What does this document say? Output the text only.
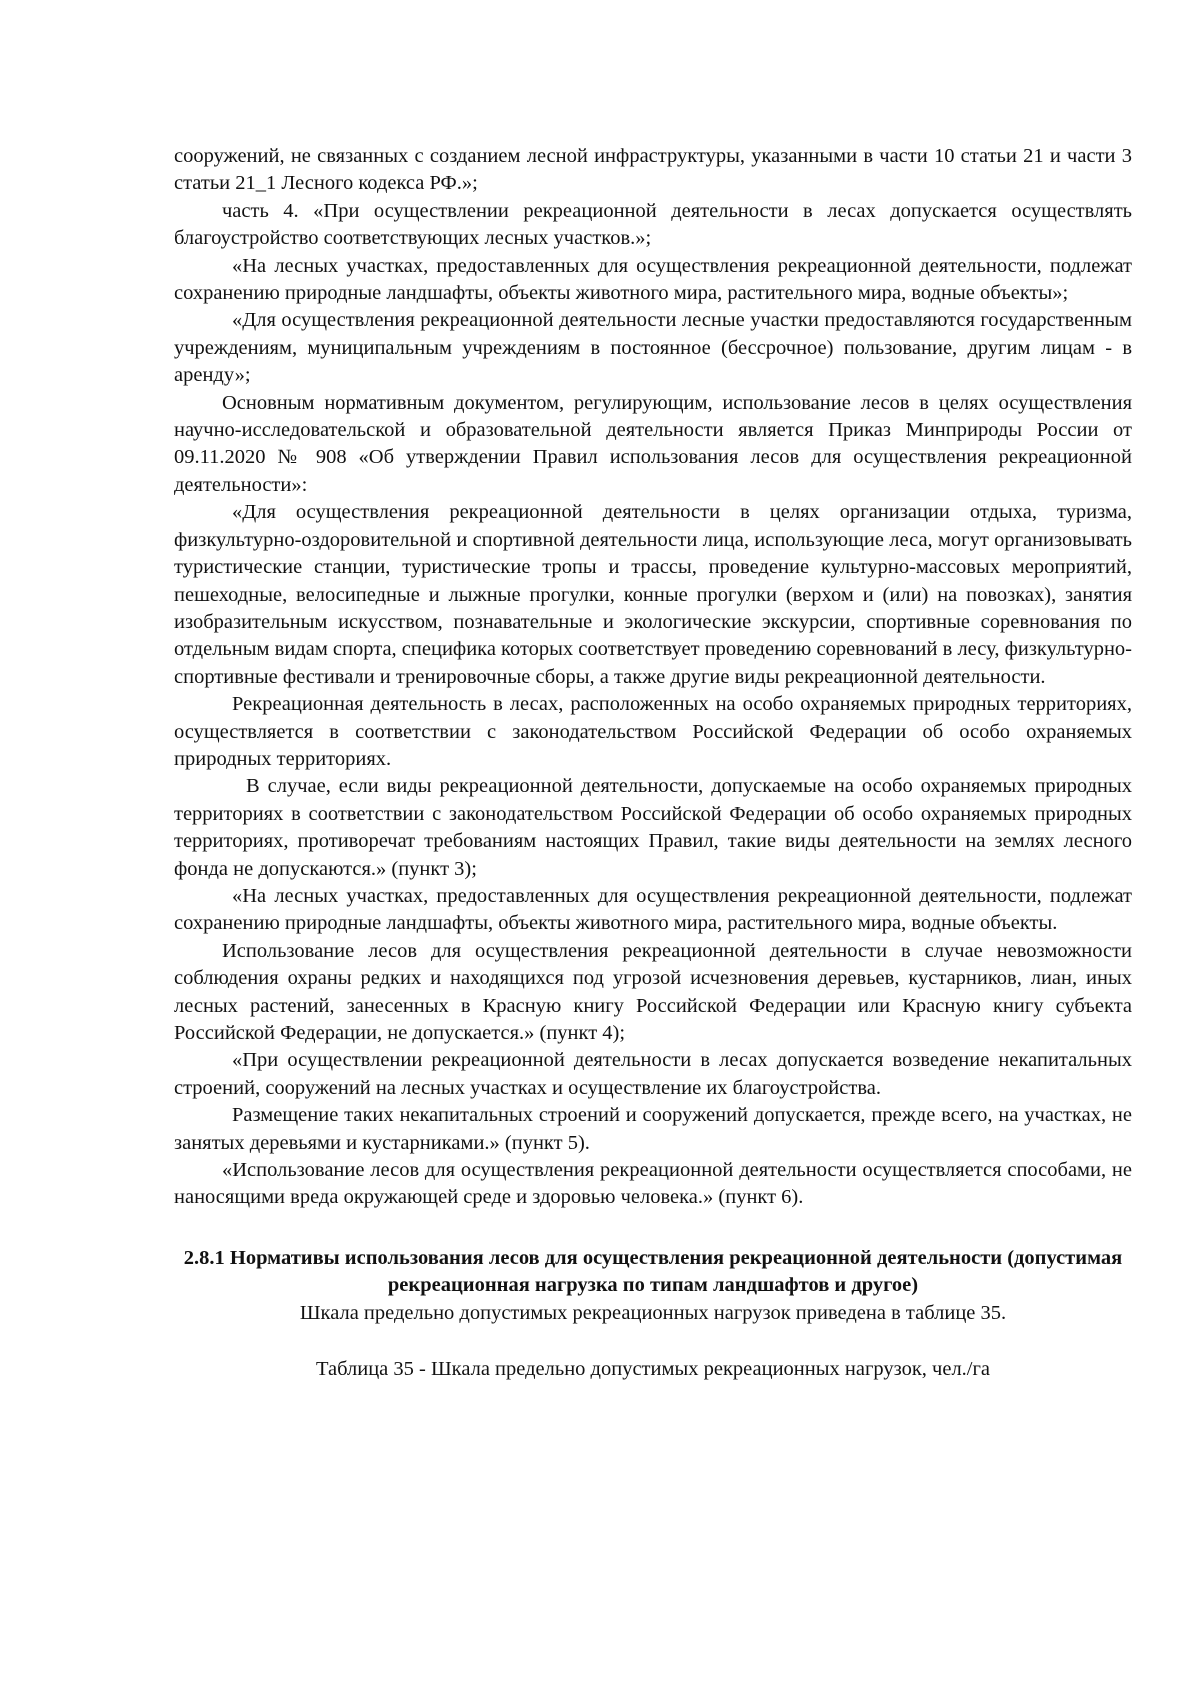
сооружений, не связанных с созданием лесной инфраструктуры, указанными в части 10 статьи 21 и части 3 статьи 21_1 Лесного кодекса РФ.»;

часть 4. «При осуществлении рекреационной деятельности в лесах допускается осуществлять благоустройство соответствующих лесных участков.»;

«На лесных участках, предоставленных для осуществления рекреационной деятельности, подлежат сохранению природные ландшафты, объекты животного мира, растительного мира, водные объекты»;

«Для осуществления рекреационной деятельности лесные участки предоставляются государственным учреждениям, муниципальным учреждениям в постоянное (бессрочное) пользование, другим лицам - в аренду»;

Основным нормативным документом, регулирующим, использование лесов в целях осуществления научно-исследовательской и образовательной деятельности является Приказ Минприроды России от 09.11.2020 № 908 «Об утверждении Правил использования лесов для осуществления рекреационной деятельности»:

«Для осуществления рекреационной деятельности в целях организации отдыха, туризма, физкультурно-оздоровительной и спортивной деятельности лица, использующие леса, могут организовывать туристические станции, туристические тропы и трассы, проведение культурно-массовых мероприятий, пешеходные, велосипедные и лыжные прогулки, конные прогулки (верхом и (или) на повозках), занятия изобразительным искусством, познавательные и экологические экскурсии, спортивные соревнования по отдельным видам спорта, специфика которых соответствует проведению соревнований в лесу, физкультурно-спортивные фестивали и тренировочные сборы, а также другие виды рекреационной деятельности.

Рекреационная деятельность в лесах, расположенных на особо охраняемых природных территориях, осуществляется в соответствии с законодательством Российской Федерации об особо охраняемых природных территориях.

В случае, если виды рекреационной деятельности, допускаемые на особо охраняемых природных территориях в соответствии с законодательством Российской Федерации об особо охраняемых природных территориях, противоречат требованиям настоящих Правил, такие виды деятельности на землях лесного фонда не допускаются.» (пункт 3);

«На лесных участках, предоставленных для осуществления рекреационной деятельности, подлежат сохранению природные ландшафты, объекты животного мира, растительного мира, водные объекты.

Использование лесов для осуществления рекреационной деятельности в случае невозможности соблюдения охраны редких и находящихся под угрозой исчезновения деревьев, кустарников, лиан, иных лесных растений, занесенных в Красную книгу Российской Федерации или Красную книгу субъекта Российской Федерации, не допускается.» (пункт 4);

«При осуществлении рекреационной деятельности в лесах допускается возведение некапитальных строений, сооружений на лесных участках и осуществление их благоустройства.

Размещение таких некапитальных строений и сооружений допускается, прежде всего, на участках, не занятых деревьями и кустарниками.» (пункт 5).

«Использование лесов для осуществления рекреационной деятельности осуществляется способами, не наносящими вреда окружающей среде и здоровью человека.» (пункт 6).

2.8.1 Нормативы использования лесов для осуществления рекреационной деятельности (допустимая рекреационная нагрузка по типам ландшафтов и другое)

Шкала предельно допустимых рекреационных нагрузок приведена в таблице 35.

Таблица 35 - Шкала предельно допустимых рекреационных нагрузок, чел./га
